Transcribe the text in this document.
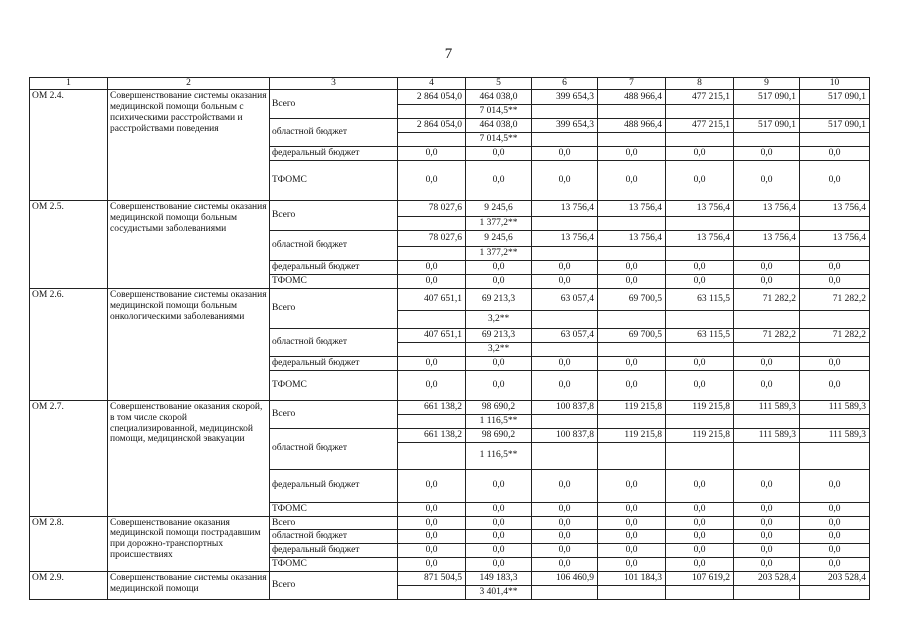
7
1	2	3	4	5	6	7	8	9	10
ОМ 2.4.	Совершенствование системы оказания медицинской помощи больным с психическими расстройствами и расстройствами поведения	Всего	2 864 054,0	464 038,0	399 654,3	488 966,4	477 215,1	517 090,1	517 090,1
				7 014,5**					
		областной бюджет	2 864 054,0	464 038,0	399 654,3	488 966,4	477 215,1	517 090,1	517 090,1
				7 014,5**					
		федеральный бюджет	0,0	0,0	0,0	0,0	0,0	0,0	0,0
		ТФОМС	0,0	0,0	0,0	0,0	0,0	0,0	0,0
ОМ 2.5.	Совершенствование системы оказания медицинской помощи больным сосудистыми заболеваниями	Всего	78 027,6	9 245,6	13 756,4	13 756,4	13 756,4	13 756,4	13 756,4
				1 377,2**					
		областной бюджет	78 027,6	9 245,6	13 756,4	13 756,4	13 756,4	13 756,4	13 756,4
				1 377,2**					
		федеральный бюджет	0,0	0,0	0,0	0,0	0,0	0,0	0,0
		ТФОМС	0,0	0,0	0,0	0,0	0,0	0,0	0,0
ОМ 2.6.	Совершенствование системы оказания медицинской помощи больным онкологическими заболеваниями	Всего	407 651,1	69 213,3	63 057,4	69 700,5	63 115,5	71 282,2	71 282,2
				3,2**					
		областной бюджет	407 651,1	69 213,3	63 057,4	69 700,5	63 115,5	71 282,2	71 282,2
				3,2**					
		федеральный бюджет	0,0	0,0	0,0	0,0	0,0	0,0	0,0
		ТФОМС	0,0	0,0	0,0	0,0	0,0	0,0	0,0
ОМ 2.7.	Совершенствование оказания скорой, в том числе скорой специализированной, медицинской помощи, медицинской эвакуации	Всего	661 138,2	98 690,2	100 837,8	119 215,8	119 215,8	111 589,3	111 589,3
				1 116,5**					
		областной бюджет	661 138,2	98 690,2	100 837,8	119 215,8	119 215,8	111 589,3	111 589,3
				1 116,5**					
		федеральный бюджет	0,0	0,0	0,0	0,0	0,0	0,0	0,0
		ТФОМС	0,0	0,0	0,0	0,0	0,0	0,0	0,0
ОМ 2.8.	Совершенствование оказания медицинской помощи пострадавшим при дорожно-транспортных происшествиях	Всего	0,0	0,0	0,0	0,0	0,0	0,0	0,0
		областной бюджет	0,0	0,0	0,0	0,0	0,0	0,0	0,0
		федеральный бюджет	0,0	0,0	0,0	0,0	0,0	0,0	0,0
		ТФОМС	0,0	0,0	0,0	0,0	0,0	0,0	0,0
ОМ 2.9.	Совершенствование системы оказания медицинской помощи	Всего	871 504,5	149 183,3	106 460,9	101 184,3	107 619,2	203 528,4	203 528,4
				3 401,4**					
